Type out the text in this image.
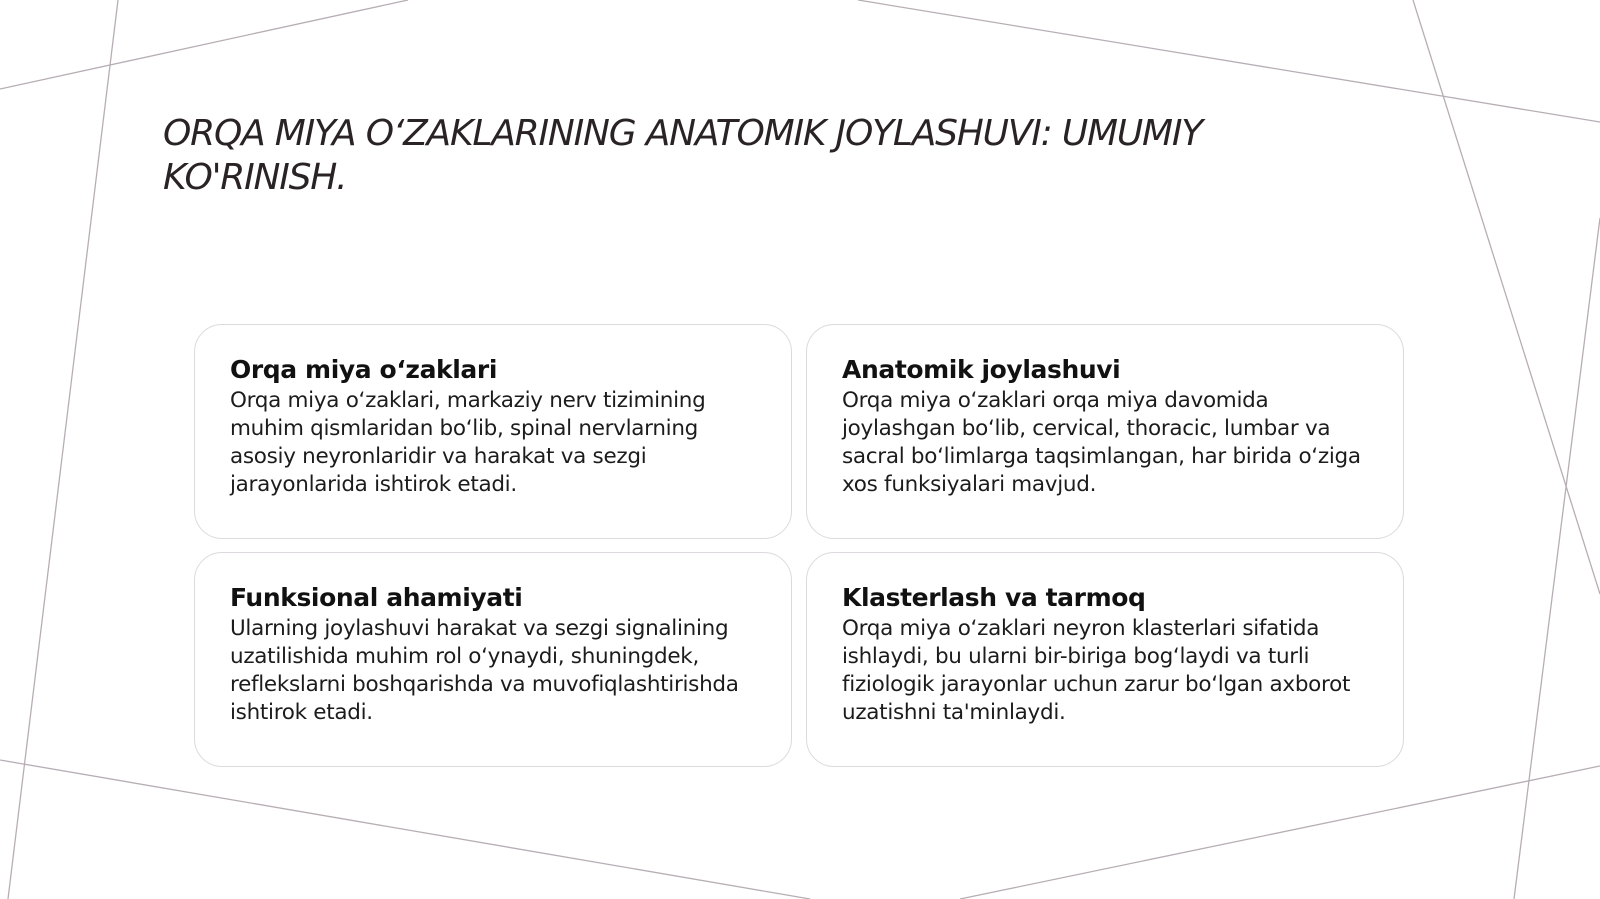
ORQA MIYA O‘ZAKLARINING ANATOMIK JOYLASHUVI: UMUMIY KO'RINISH.
Orqa miya o‘zaklari

Orqa miya o‘zaklari, markaziy nerv tizimining muhim qismlaridan bo‘lib, spinal nervlarning asosiy neyronlaridir va harakat va sezgi jarayonlarida ishtirok etadi.

Anatomik joylashuvi

Orqa miya o‘zaklari orqa miya davomida joylashgan bo‘lib, cervical, thoracic, lumbar va sacral bo‘limlarga taqsimlangan, har birida o‘ziga xos funksiyalari mavjud.

Funksional ahamiyati

Ularning joylashuvi harakat va sezgi signalining uzatilishida muhim rol o‘ynaydi, shuningdek, reflekslarni boshqarishda va muvofiqlashtirishda ishtirok etadi.

Klasterlash va tarmoq

Orqa miya o‘zaklari neyron klasterlari sifatida ishlaydi, bu ularni bir-biriga bog‘laydi va turli fiziologik jarayonlar uchun zarur bo‘lgan axborot uzatishni ta'minlaydi.
